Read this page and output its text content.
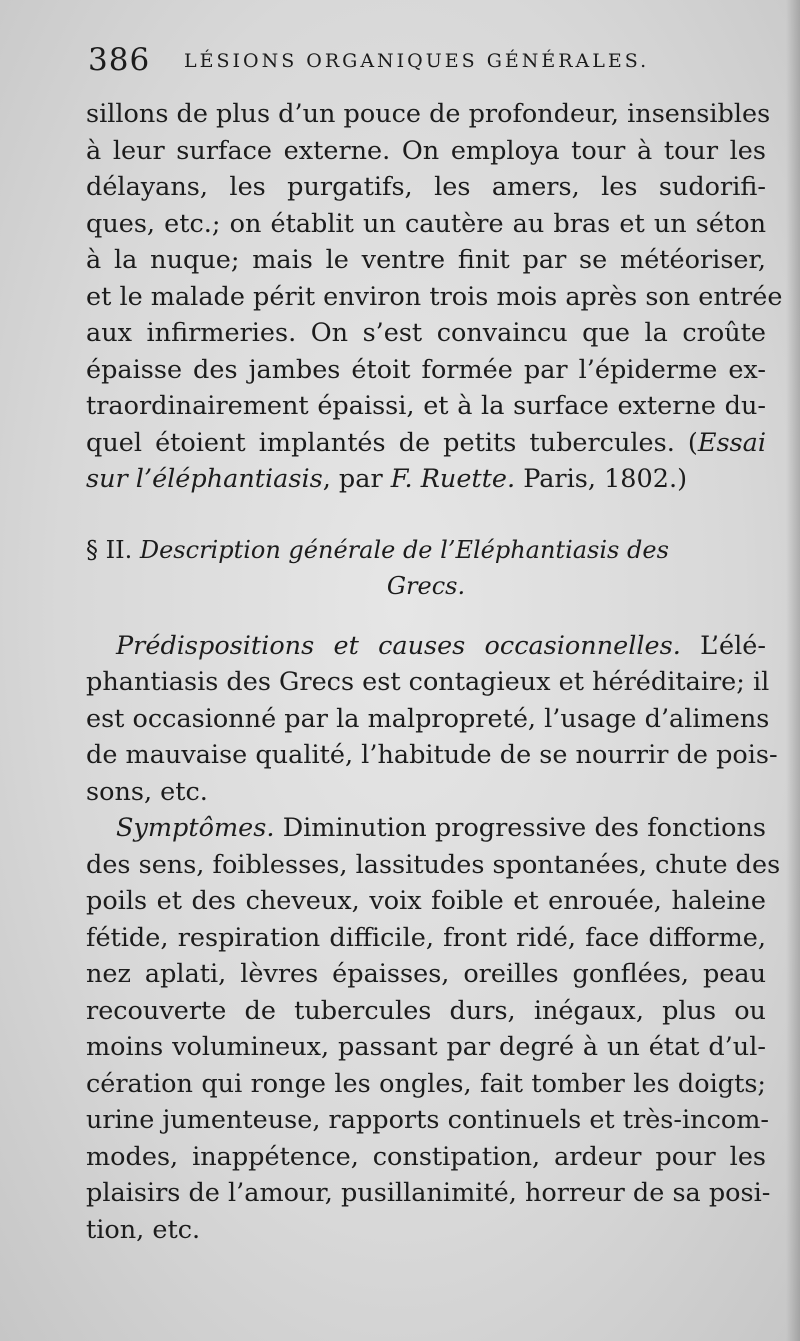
386 LÉSIONS ORGANIQUES GÉNÉRALES.
sillons de plus d’un pouce de profondeur, insensibles
à leur surface externe. On employa tour à tour les
délayans, les purgatifs, les amers, les sudorifi-
ques, etc.; on établit un cautère au bras et un séton
à la nuque; mais le ventre finit par se météoriser,
et le malade périt environ trois mois après son entrée
aux infirmeries. On s’est convaincu que la croûte
épaisse des jambes étoit formée par l’épiderme ex-
traordinairement épaissi, et à la surface externe du-
quel étoient implantés de petits tubercules. (Essai
sur l’éléphantiasis, par F. Ruette. Paris, 1802.)
§ II. Description générale de l’Eléphantiasis des
Grecs.
Prédispositions et causes occasionnelles. L’élé-
phantiasis des Grecs est contagieux et héréditaire; il
est occasionné par la malpropreté, l’usage d’alimens
de mauvaise qualité, l’habitude de se nourrir de pois-
sons, etc.
Symptômes. Diminution progressive des fonctions
des sens, foiblesses, lassitudes spontanées, chute des
poils et des cheveux, voix foible et enrouée, haleine
fétide, respiration difficile, front ridé, face difforme,
nez aplati, lèvres épaisses, oreilles gonflées, peau
recouverte de tubercules durs, inégaux, plus ou
moins volumineux, passant par degré à un état d’ul-
cération qui ronge les ongles, fait tomber les doigts;
urine jumenteuse, rapports continuels et très-incom-
modes, inappétence, constipation, ardeur pour les
plaisirs de l’amour, pusillanimité, horreur de sa posi-
tion, etc.
